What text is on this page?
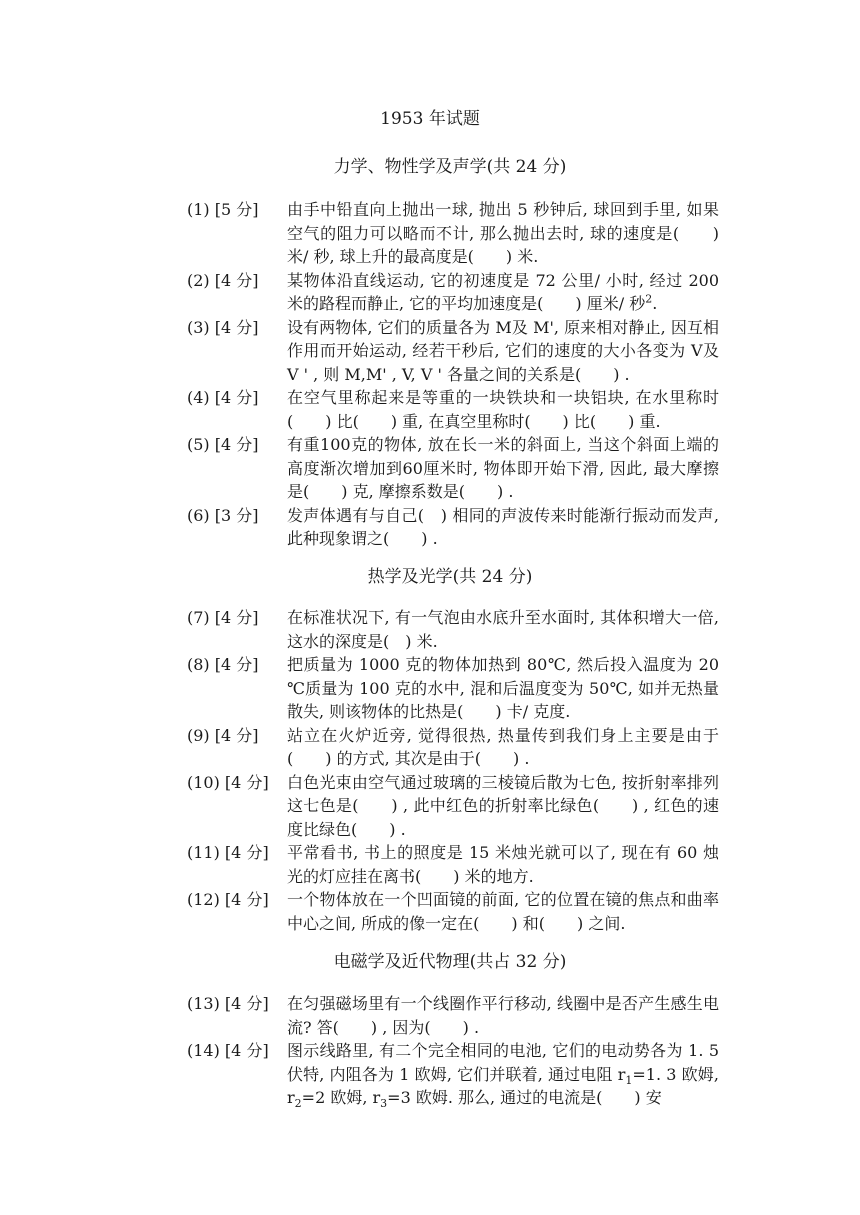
1953 年试题
力学、物性学及声学(共 24 分)
(1) [5 分]	由手中铅直向上抛出一球, 抛出 5 秒钟后, 球回到手里, 如果空气的阻力可以略而不计, 那么抛出去时, 球的速度是(　　) 米/ 秒, 球上升的最高度是(　　) 米.
(2) [4 分]	某物体沿直线运动, 它的初速度是 72 公里/ 小时, 经过 200 米的路程而静止, 它的平均加速度是(　　) 厘米/ 秒$^2$.
(3) [4 分]	设有两物体, 它们的质量各为 M及 M', 原来相对静止, 因互相作用而开始运动, 经若干秒后, 它们的速度的大小各变为 V及 V ' , 则 M,M' , V, V ' 各量之间的关系是(　　) .
(4) [4 分]	在空气里称起来是等重的一块铁块和一块铝块, 在水里称时(　　) 比(　　) 重, 在真空里称时(　　) 比(　　) 重.
(5) [4 分]	有重100克的物体, 放在长一米的斜面上, 当这个斜面上端的高度渐次增加到60厘米时, 物体即开始下滑, 因此, 最大摩擦是(　　) 克, 摩擦系数是(　　) .
(6) [3 分]	发声体遇有与自己(　) 相同的声波传来时能渐行振动而发声, 此种现象谓之(　　) .
热学及光学(共 24 分)
(7) [4 分]	在标准状况下, 有一气泡由水底升至水面时, 其体积增大一倍, 这水的深度是(　) 米.
(8) [4 分]	把质量为 1000 克的物体加热到 80℃, 然后投入温度为 20 ℃质量为 100 克的水中, 混和后温度变为 50℃, 如并无热量散失, 则该物体的比热是(　　) 卡/ 克度.
(9) [4 分]	站立在火炉近旁, 觉得很热, 热量传到我们身上主要是由于(　　) 的方式, 其次是由于(　　) .
(10) [4 分]	白色光束由空气通过玻璃的三棱镜后散为七色, 按折射率排列这七色是(　　) , 此中红色的折射率比绿色(　　) , 红色的速度比绿色(　　) .
(11) [4 分]	平常看书, 书上的照度是 15 米烛光就可以了, 现在有 60 烛光的灯应挂在离书(　　) 米的地方.
(12) [4 分]	一个物体放在一个凹面镜的前面, 它的位置在镜的焦点和曲率中心之间, 所成的像一定在(　　) 和(　　) 之间.
电磁学及近代物理(共占 32 分)
(13) [4 分]	在匀强磁场里有一个线圈作平行移动, 线圈中是否产生感生电流? 答(　　) , 因为(　　) .
(14) [4 分]	图示线路里, 有二个完全相同的电池, 它们的电动势各为 1. 5 伏特, 内阻各为 1 欧姆, 它们并联着, 通过电阻 $r_1=1$. 3 欧姆, $r_2=2$ 欧姆, $r_3=3$ 欧姆. 那么, 通过的电流是(　　) 安
